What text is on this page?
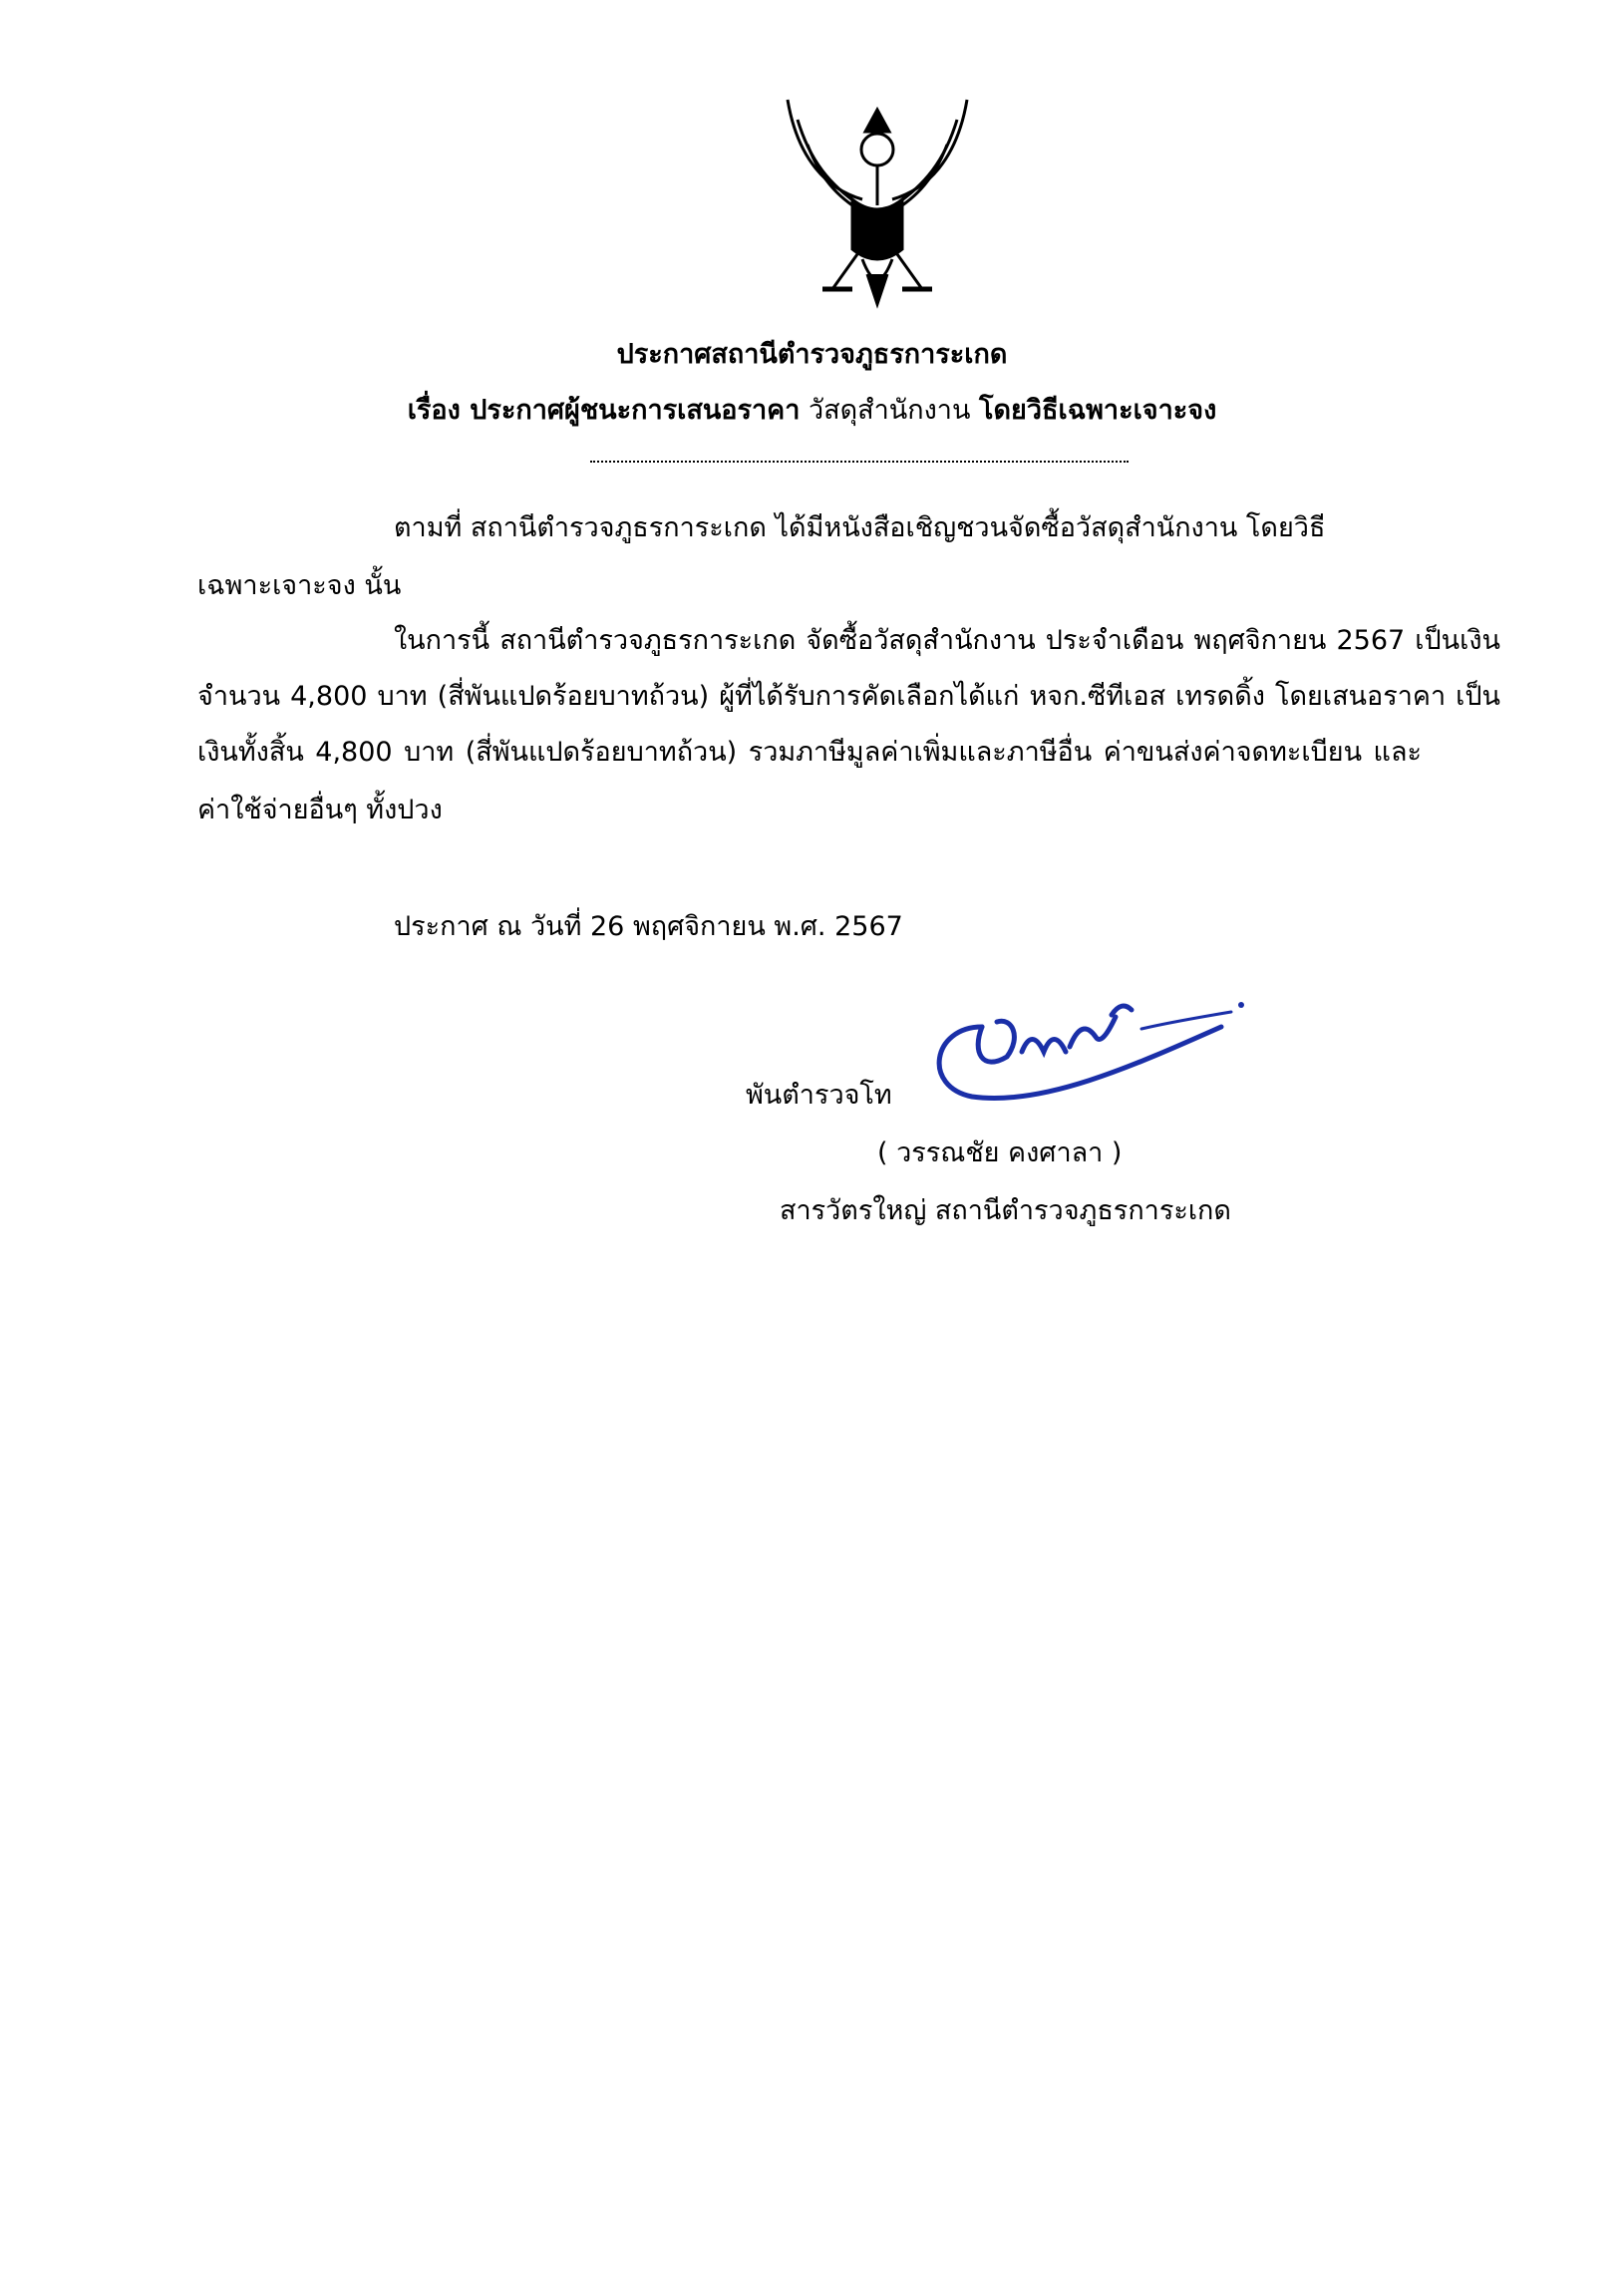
ประกาศสถานีตำรวจภูธรการะเกด
เรื่อง ประกาศผู้ชนะการเสนอราคา วัสดุสำนักงาน โดยวิธีเฉพาะเจาะจง
ตามที่ สถานีตำรวจภูธรการะเกด ได้มีหนังสือเชิญชวนจัดซื้อวัสดุสำนักงาน โดยวิธี
เฉพาะเจาะจง นั้น
ในการนี้ สถานีตำรวจภูธรการะเกด จัดซื้อวัสดุสำนักงาน ประจำเดือน พฤศจิกายน 2567 เป็นเงิน
จำนวน 4,800 บาท (สี่พันแปดร้อยบาทถ้วน) ผู้ที่ได้รับการคัดเลือกได้แก่ หจก.ซีทีเอส เทรดดิ้ง โดยเสนอราคา เป็น
เงินทั้งสิ้น 4,800 บาท (สี่พันแปดร้อยบาทถ้วน) รวมภาษีมูลค่าเพิ่มและภาษีอื่น ค่าขนส่งค่าจดทะเบียน และ
ค่าใช้จ่ายอื่นๆ ทั้งปวง
ประกาศ ณ วันที่ 26 พฤศจิกายน พ.ศ. 2567
พันตำรวจโท
( วรรณชัย คงศาลา )
สารวัตรใหญ่ สถานีตำรวจภูธรการะเกด
